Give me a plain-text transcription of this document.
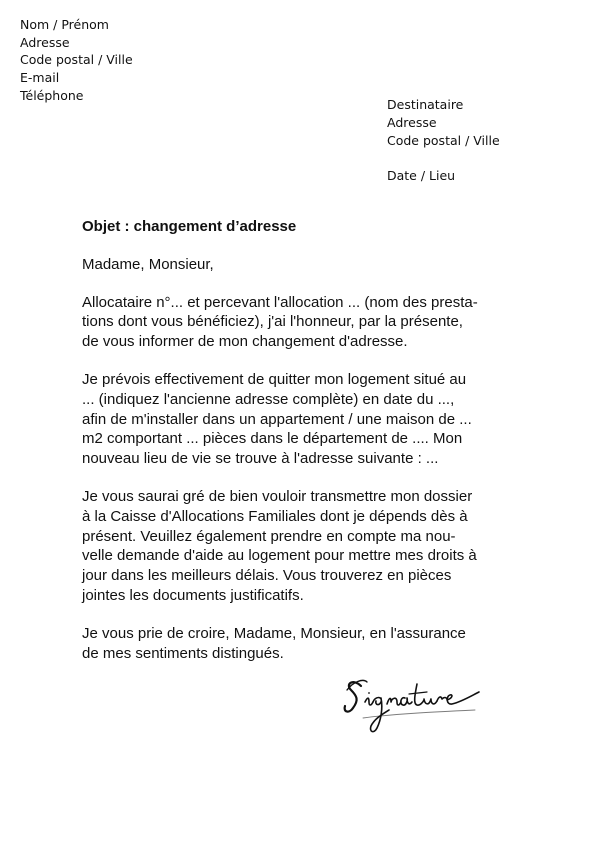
Nom / Prénom
Adresse
Code postal / Ville
E-mail
Téléphone
Destinataire
Adresse
Code postal / Ville
Date / Lieu
Objet : changement d’adresse
Madame, Monsieur,
Allocataire n°... et percevant l'allocation ... (nom des presta-
tions dont vous bénéficiez), j'ai l'honneur, par la présente,
de vous informer de mon changement d'adresse.
Je prévois effectivement de quitter mon logement situé au
... (indiquez l'ancienne adresse complète) en date du ...,
afin de m'installer dans un appartement / une maison de ...
m2 comportant ... pièces dans le département de .... Mon
nouveau lieu de vie se trouve à l'adresse suivante : ...
Je vous saurai gré de bien vouloir transmettre mon dossier
à la Caisse d'Allocations Familiales dont je dépends dès à
présent. Veuillez également prendre en compte ma nou-
velle demande d'aide au logement pour mettre mes droits à
jour dans les meilleurs délais. Vous trouverez en pièces
jointes les documents justificatifs.
Je vous prie de croire, Madame, Monsieur, en l'assurance
de mes sentiments distingués.
